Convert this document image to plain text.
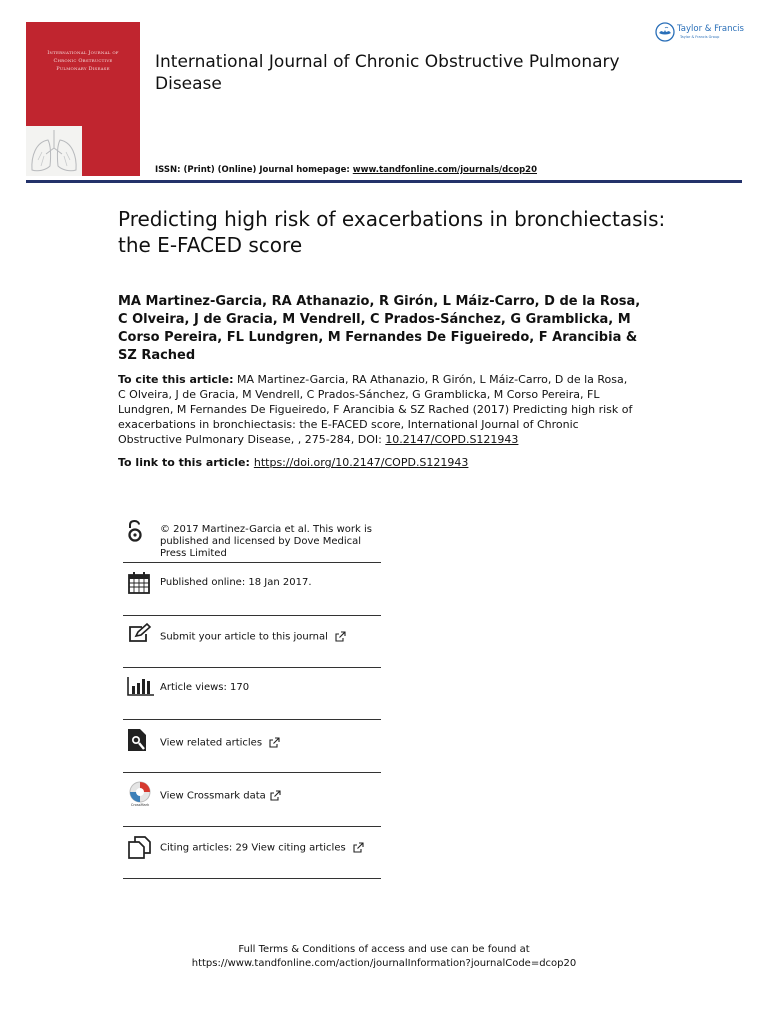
International Journal of
Chronic Obstructive
Pulmonary Disease	International Journal of Chronic Obstructive Pulmonary Disease
ISSN: (Print) (Online) Journal homepage: www.tandfonline.com/journals/dcop20
Taylor & Francis
Taylor & Francis Group
Predicting high risk of exacerbations in bronchiectasis: the E-FACED score
MA Martinez-Garcia, RA Athanazio, R Girón, L Máiz-Carro, D de la Rosa, C Olveira, J de Gracia, M Vendrell, C Prados-Sánchez, G Gramblicka, M Corso Pereira, FL Lundgren, M Fernandes De Figueiredo, F Arancibia & SZ Rached
To cite this article: MA Martinez-Garcia, RA Athanazio, R Girón, L Máiz-Carro, D de la Rosa, C Olveira, J de Gracia, M Vendrell, C Prados-Sánchez, G Gramblicka, M Corso Pereira, FL Lundgren, M Fernandes De Figueiredo, F Arancibia & SZ Rached (2017) Predicting high risk of exacerbations in bronchiectasis: the E-FACED score, International Journal of Chronic Obstructive Pulmonary Disease, , 275-284, DOI: 10.2147/COPD.S121943
To link to this article: https://doi.org/10.2147/COPD.S121943
© 2017 Martinez-Garcia et al. This work is
published and licensed by Dove Medical
Press Limited
Published online: 18 Jan 2017.
Submit your article to this journal
Article views: 170
View related articles
CrossMark
View Crossmark data
Citing articles: 29 View citing articles
Full Terms & Conditions of access and use can be found at
https://www.tandfonline.com/action/journalInformation?journalCode=dcop20
